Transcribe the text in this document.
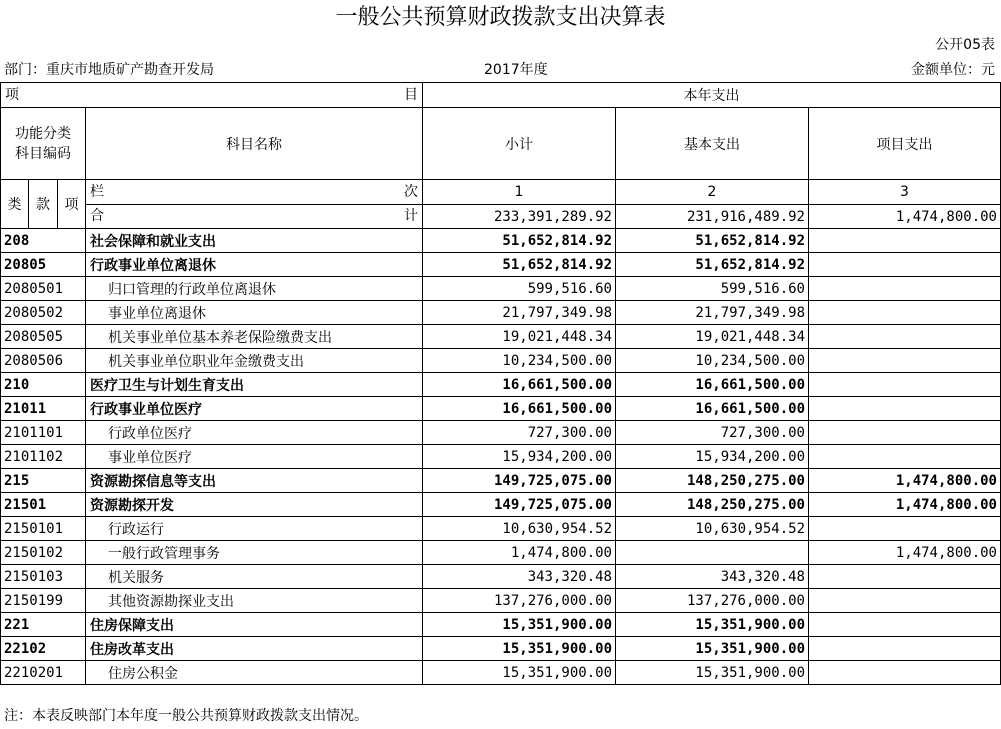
一般公共预算财政拨款支出决算表
公开05表
部门：重庆市地质矿产勘查开发局	2017年度	金额单位：元
项 目				本年支出		

功能分类
科目编码			科目名称	小计	基本支出	项目支出
类	款	项	栏 次	1	2	3

			合 计	233,391,289.92	231,916,489.92	1,474,800.00
208			社会保障和就业支出	51,652,814.92	51,652,814.92	
20805			行政事业单位离退休	51,652,814.92	51,652,814.92	
2080501			归口管理的行政单位离退休	599,516.60	599,516.60	
2080502			事业单位离退休	21,797,349.98	21,797,349.98	
2080505			机关事业单位基本养老保险缴费支出	19,021,448.34	19,021,448.34	
2080506			机关事业单位职业年金缴费支出	10,234,500.00	10,234,500.00	
210			医疗卫生与计划生育支出	16,661,500.00	16,661,500.00	
21011			行政事业单位医疗	16,661,500.00	16,661,500.00	
2101101			行政单位医疗	727,300.00	727,300.00	
2101102			事业单位医疗	15,934,200.00	15,934,200.00	
215			资源勘探信息等支出	149,725,075.00	148,250,275.00	1,474,800.00
21501			资源勘探开发	149,725,075.00	148,250,275.00	1,474,800.00
2150101			行政运行	10,630,954.52	10,630,954.52	
2150102			一般行政管理事务	1,474,800.00		1,474,800.00
2150103			机关服务	343,320.48	343,320.48	
2150199			其他资源勘探业支出	137,276,000.00	137,276,000.00	
221			住房保障支出	15,351,900.00	15,351,900.00	
22102			住房改革支出	15,351,900.00	15,351,900.00	
2210201			住房公积金	15,351,900.00	15,351,900.00	
注：本表反映部门本年度一般公共预算财政拨款支出情况。
